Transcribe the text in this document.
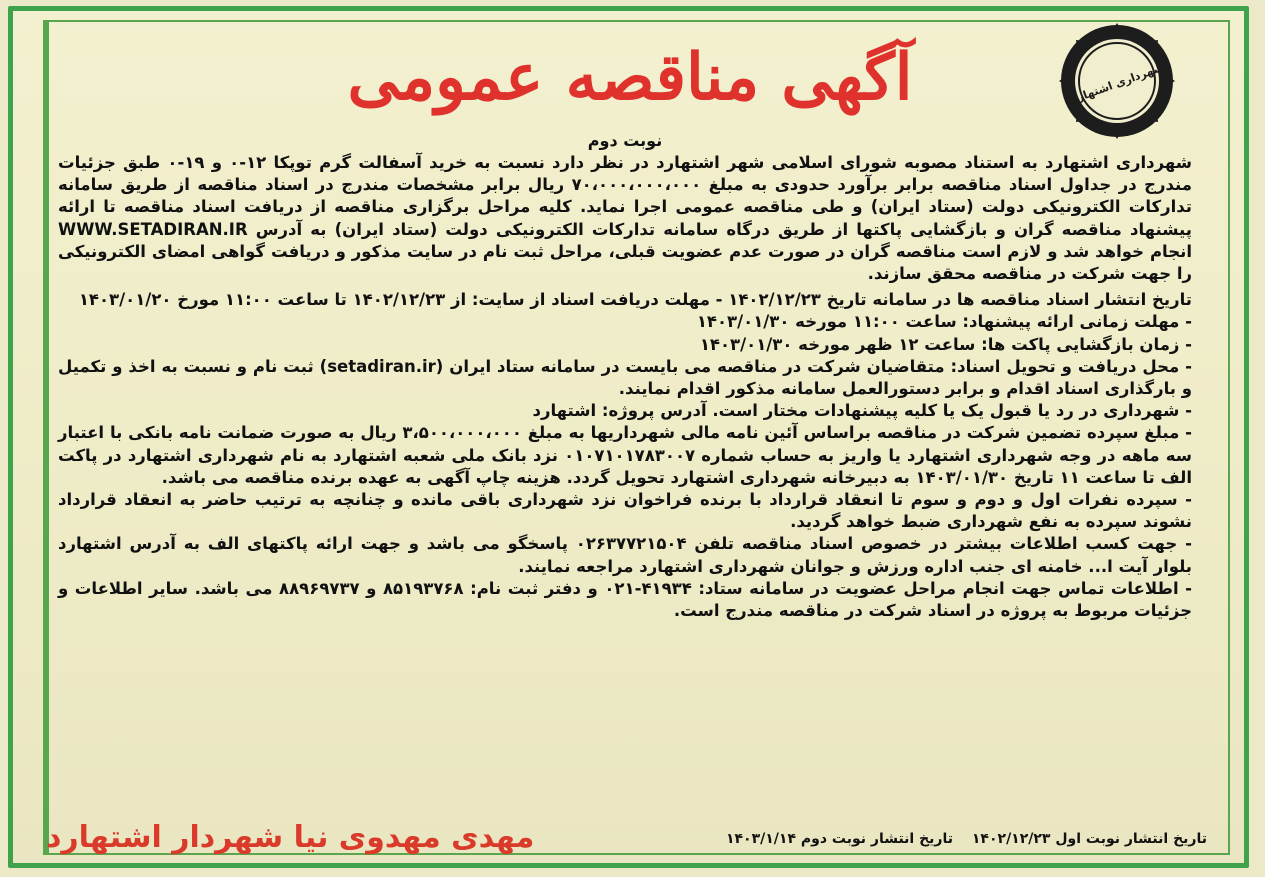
شهرداری اشتهارد
آگهی مناقصه عمومی
نوبت دوم

شهرداری اشتهارد به استناد مصوبه شورای اسلامی شهر اشتهارد در نظر دارد نسبت به خرید آسفالت گرم توپکا ۱۲-۰ و ۱۹-۰ طبق جزئیات مندرج در جداول اسناد مناقصه برابر برآورد حدودی به مبلغ ۷۰،۰۰۰،۰۰۰،۰۰۰ ریال برابر مشخصات مندرج در اسناد مناقصه از طریق سامانه تدارکات الکترونیکی دولت (ستاد ایران) و طی مناقصه عمومی اجرا نماید. کلیه مراحل برگزاری مناقصه از دریافت اسناد مناقصه تا ارائه پیشنهاد مناقصه گران و بازگشایی پاکتها از طریق درگاه سامانه تدارکات الکترونیکی دولت (ستاد ایران) به آدرس WWW.SETADIRAN.IR انجام خواهد شد و لازم است مناقصه گران در صورت عدم عضویت قبلی، مراحل ثبت نام در سایت مذکور و دریافت گواهی امضای الکترونیکی را جهت شرکت در مناقصه محقق سازند.

تاریخ انتشار اسناد مناقصه ها در سامانه تاریخ ۱۴۰۲/۱۲/۲۳ - مهلت دریافت اسناد از سایت: از ۱۴۰۲/۱۲/۲۳ تا ساعت ۱۱:۰۰ مورخ ۱۴۰۳/۰۱/۲۰

- مهلت زمانی ارائه پیشنهاد: ساعت ۱۱:۰۰ مورخه ۱۴۰۳/۰۱/۳۰

- زمان بازگشایی پاکت ها: ساعت ۱۲ ظهر مورخه ۱۴۰۳/۰۱/۳۰

- محل دریافت و تحویل اسناد: متقاضیان شرکت در مناقصه می بایست در سامانه ستاد ایران (setadiran.ir) ثبت نام و نسبت به اخذ و تکمیل و بارگذاری اسناد اقدام و برابر دستورالعمل سامانه مذکور اقدام نمایند.

- شهرداری در رد یا قبول یک یا کلیه پیشنهادات مختار است. آدرس پروژه: اشتهارد

- مبلغ سپرده تضمین شرکت در مناقصه براساس آئین نامه مالی شهرداریها به مبلغ ۳،۵۰۰،۰۰۰،۰۰۰ ریال به صورت ضمانت نامه بانکی با اعتبار سه ماهه در وجه شهرداری اشتهارد یا واریز به حساب شماره ۰۱۰۷۱۰۱۷۸۳۰۰۷ نزد بانک ملی شعبه اشتهارد به نام شهرداری اشتهارد در پاکت الف تا ساعت ۱۱ تاریخ ۱۴۰۳/۰۱/۳۰ به دبیرخانه شهرداری اشتهارد تحویل گردد. هزینه چاپ آگهی به عهده برنده مناقصه می باشد.

- سپرده نفرات اول و دوم و سوم تا انعقاد قرارداد با برنده فراخوان نزد شهرداری باقی مانده و چنانچه به ترتیب حاضر به انعقاد قرارداد نشوند سپرده به نفع شهرداری ضبط خواهد گردید.

- جهت کسب اطلاعات بیشتر در خصوص اسناد مناقصه تلفن ۰۲۶۳۷۷۲۱۵۰۴ پاسخگو می باشد و جهت ارائه پاکتهای الف به آدرس اشتهارد بلوار آیت ا... خامنه ای جنب اداره ورزش و جوانان شهرداری اشتهارد مراجعه نمایند.

- اطلاعات تماس جهت انجام مراحل عضویت در سامانه ستاد: ۴۱۹۳۴-۰۲۱ و دفتر ثبت نام: ۸۵۱۹۳۷۶۸ و ۸۸۹۶۹۷۳۷ می باشد. سایر اطلاعات و جزئیات مربوط به پروژه در اسناد شرکت در مناقصه مندرج است.

تاریخ انتشار نوبت اول ۱۴۰۲/۱۲/۲۳ تاریخ انتشار نوبت دوم ۱۴۰۳/۱/۱۴
مهدی مهدوی نیا شهردار اشتهارد
